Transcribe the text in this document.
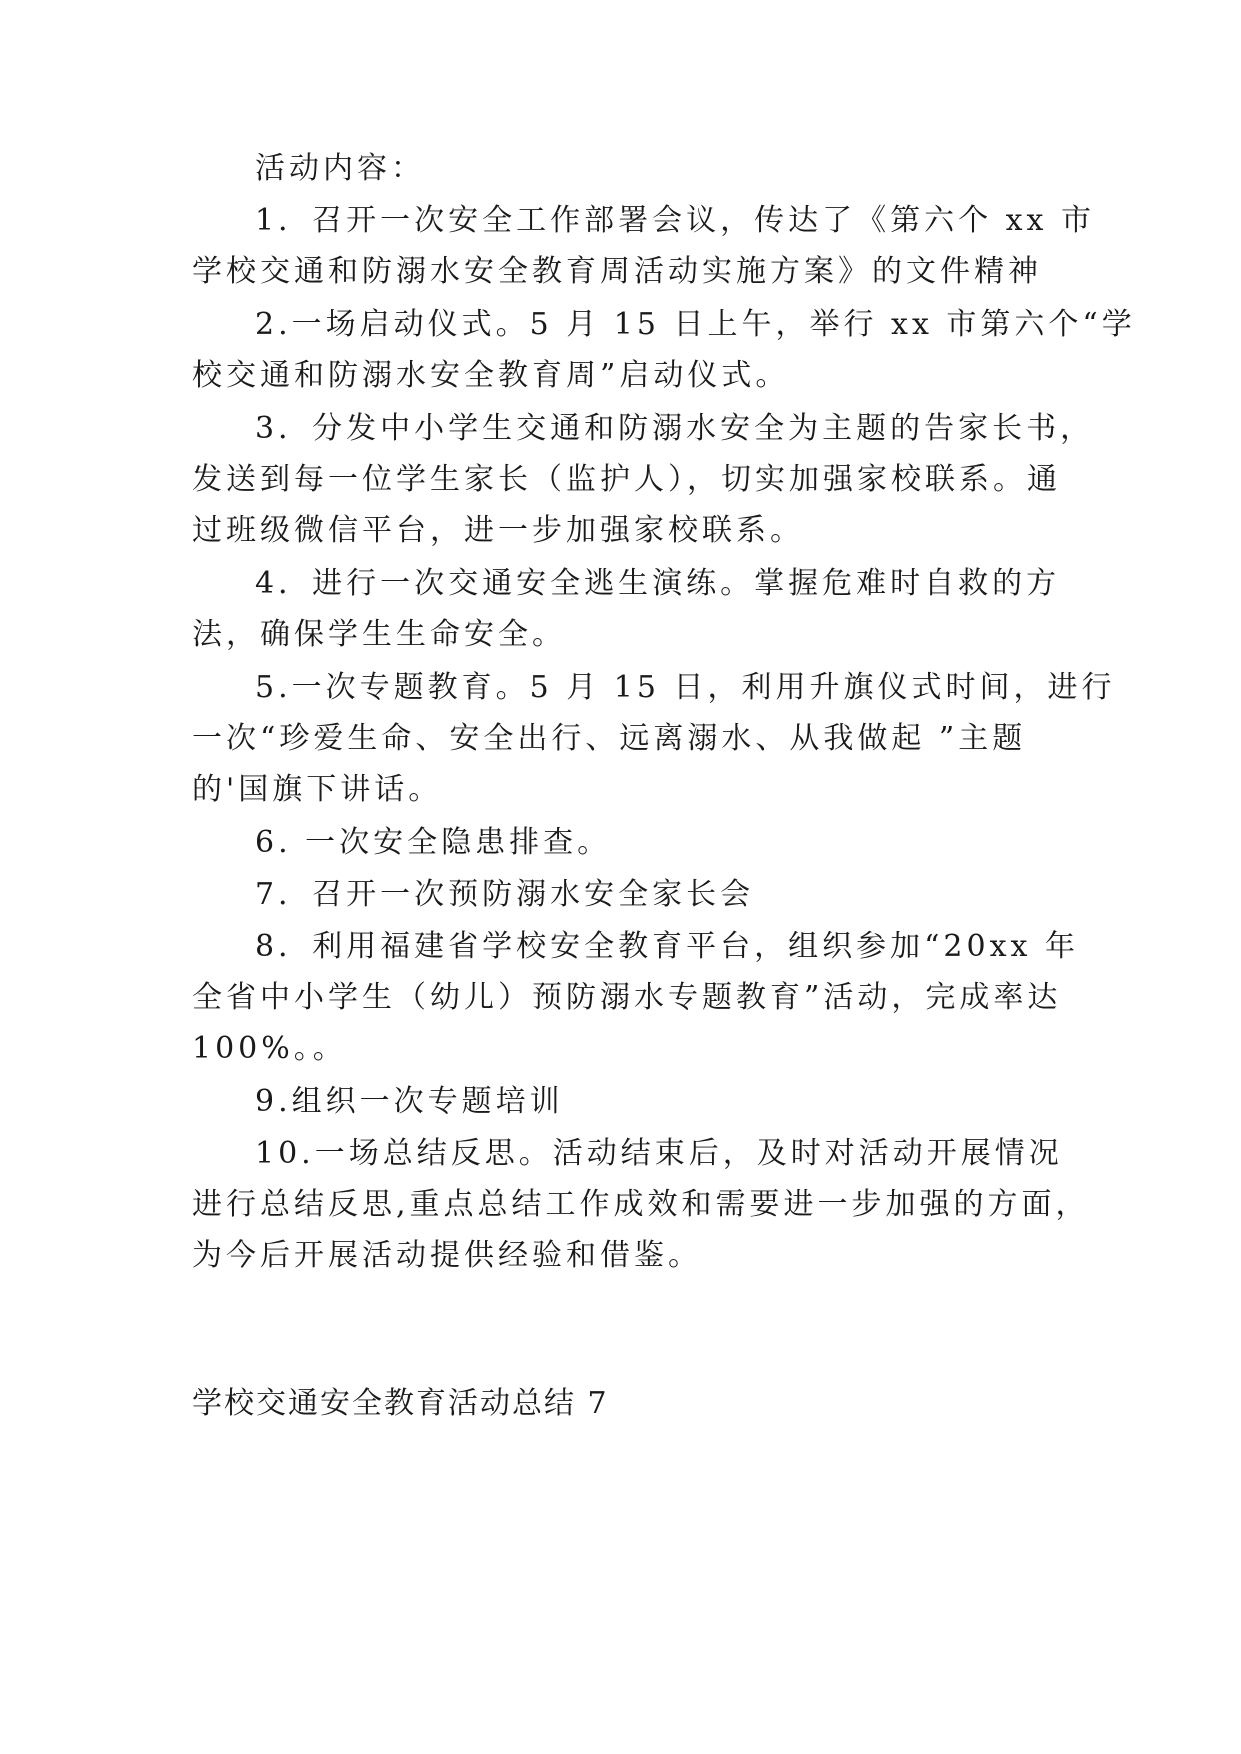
活动内容：
1．召开一次安全工作部署会议，传达了《第六个 xx 市
学校交通和防溺水安全教育周活动实施方案》的文件精神
2.一场启动仪式。5 月 15 日上午，举行 xx 市第六个“学
校交通和防溺水安全教育周”启动仪式。
3．分发中小学生交通和防溺水安全为主题的告家长书，
发送到每一位学生家长（监护人），切实加强家校联系。通
过班级微信平台，进一步加强家校联系。
4．进行一次交通安全逃生演练。掌握危难时自救的方
法，确保学生生命安全。
5.一次专题教育。5 月 15 日，利用升旗仪式时间，进行
一次“珍爱生命、安全出行、远离溺水、从我做起 ”主题
的'国旗下讲话。
6. 一次安全隐患排查。
7．召开一次预防溺水安全家长会
8．利用福建省学校安全教育平台，组织参加“20xx 年
全省中小学生（幼儿）预防溺水专题教育”活动，完成率达
100%。。
9.组织一次专题培训
10.一场总结反思。活动结束后，及时对活动开展情况
进行总结反思,重点总结工作成效和需要进一步加强的方面，
为今后开展活动提供经验和借鉴。
学校交通安全教育活动总结 7
